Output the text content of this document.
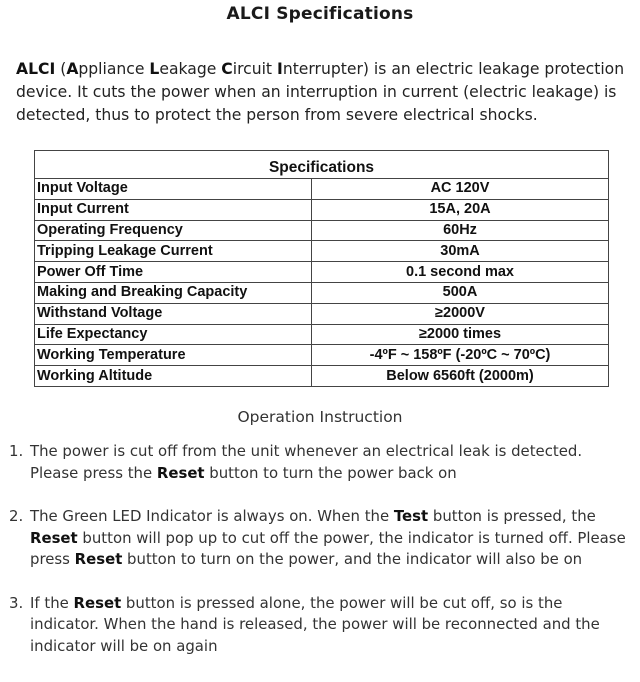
ALCI Specifications

ALCI (Appliance Leakage Circuit Interrupter) is an electric leakage protection device. It cuts the power when an interruption in current (electric leakage) is detected, thus to protect the person from severe electrical shocks.

Specifications	
Input Voltage	AC 120V
Input Current	15A, 20A
Operating Frequency	60Hz
Tripping Leakage Current	30mA
Power Off Time	0.1 second max
Making and Breaking Capacity	500A
Withstand Voltage	≥2000V
Life Expectancy	≥2000 times
Working Temperature	-4ºF ~ 158ºF (-20ºC ~ 70ºC)
Working Altitude	Below 6560ft (2000m)
Operation Instruction
1. The power is cut off from the unit whenever an electrical leak is detected. Please press the Reset button to turn the power back on
2. The Green LED Indicator is always on. When the Test button is pressed, the Reset button will pop up to cut off the power, the indicator is turned off. Please press Reset button to turn on the power, and the indicator will also be on
3. If the Reset button is pressed alone, the power will be cut off, so is the indicator. When the hand is released, the power will be reconnected and the indicator will be on again
